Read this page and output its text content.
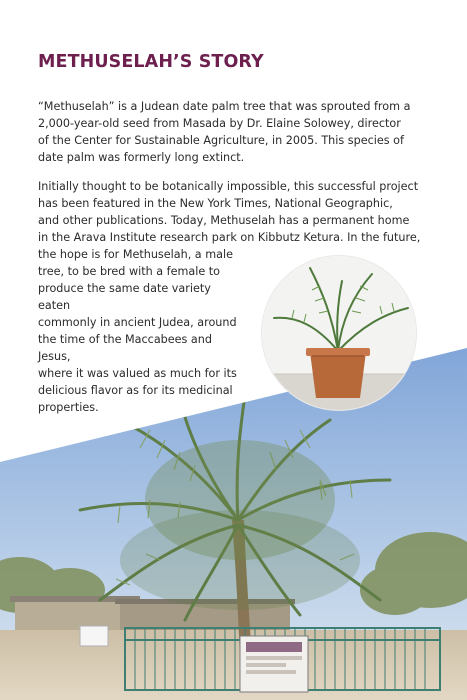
METHUSELAH’S STORY

“Methuselah” is a Judean date palm tree that was sprouted from a 2,000-year-old seed from Masada by Dr. Elaine Solowey, director of the Center for Sustainable Agriculture, in 2005. This species of date palm was formerly long extinct.

Initially thought to be botanically impossible, this successful project
has been featured in the New York Times, National Geographic,
and other publications. Today, Methuselah has a permanent home
in the Arava Institute research park on Kibbutz Ketura. In the future,
the hope is for Methuselah, a male
tree, to be bred with a female to
produce the same date variety eaten
commonly in ancient Judea, around
the time of the Maccabees and Jesus,
where it was valued as much for its
delicious flavor as for its medicinal
properties.
